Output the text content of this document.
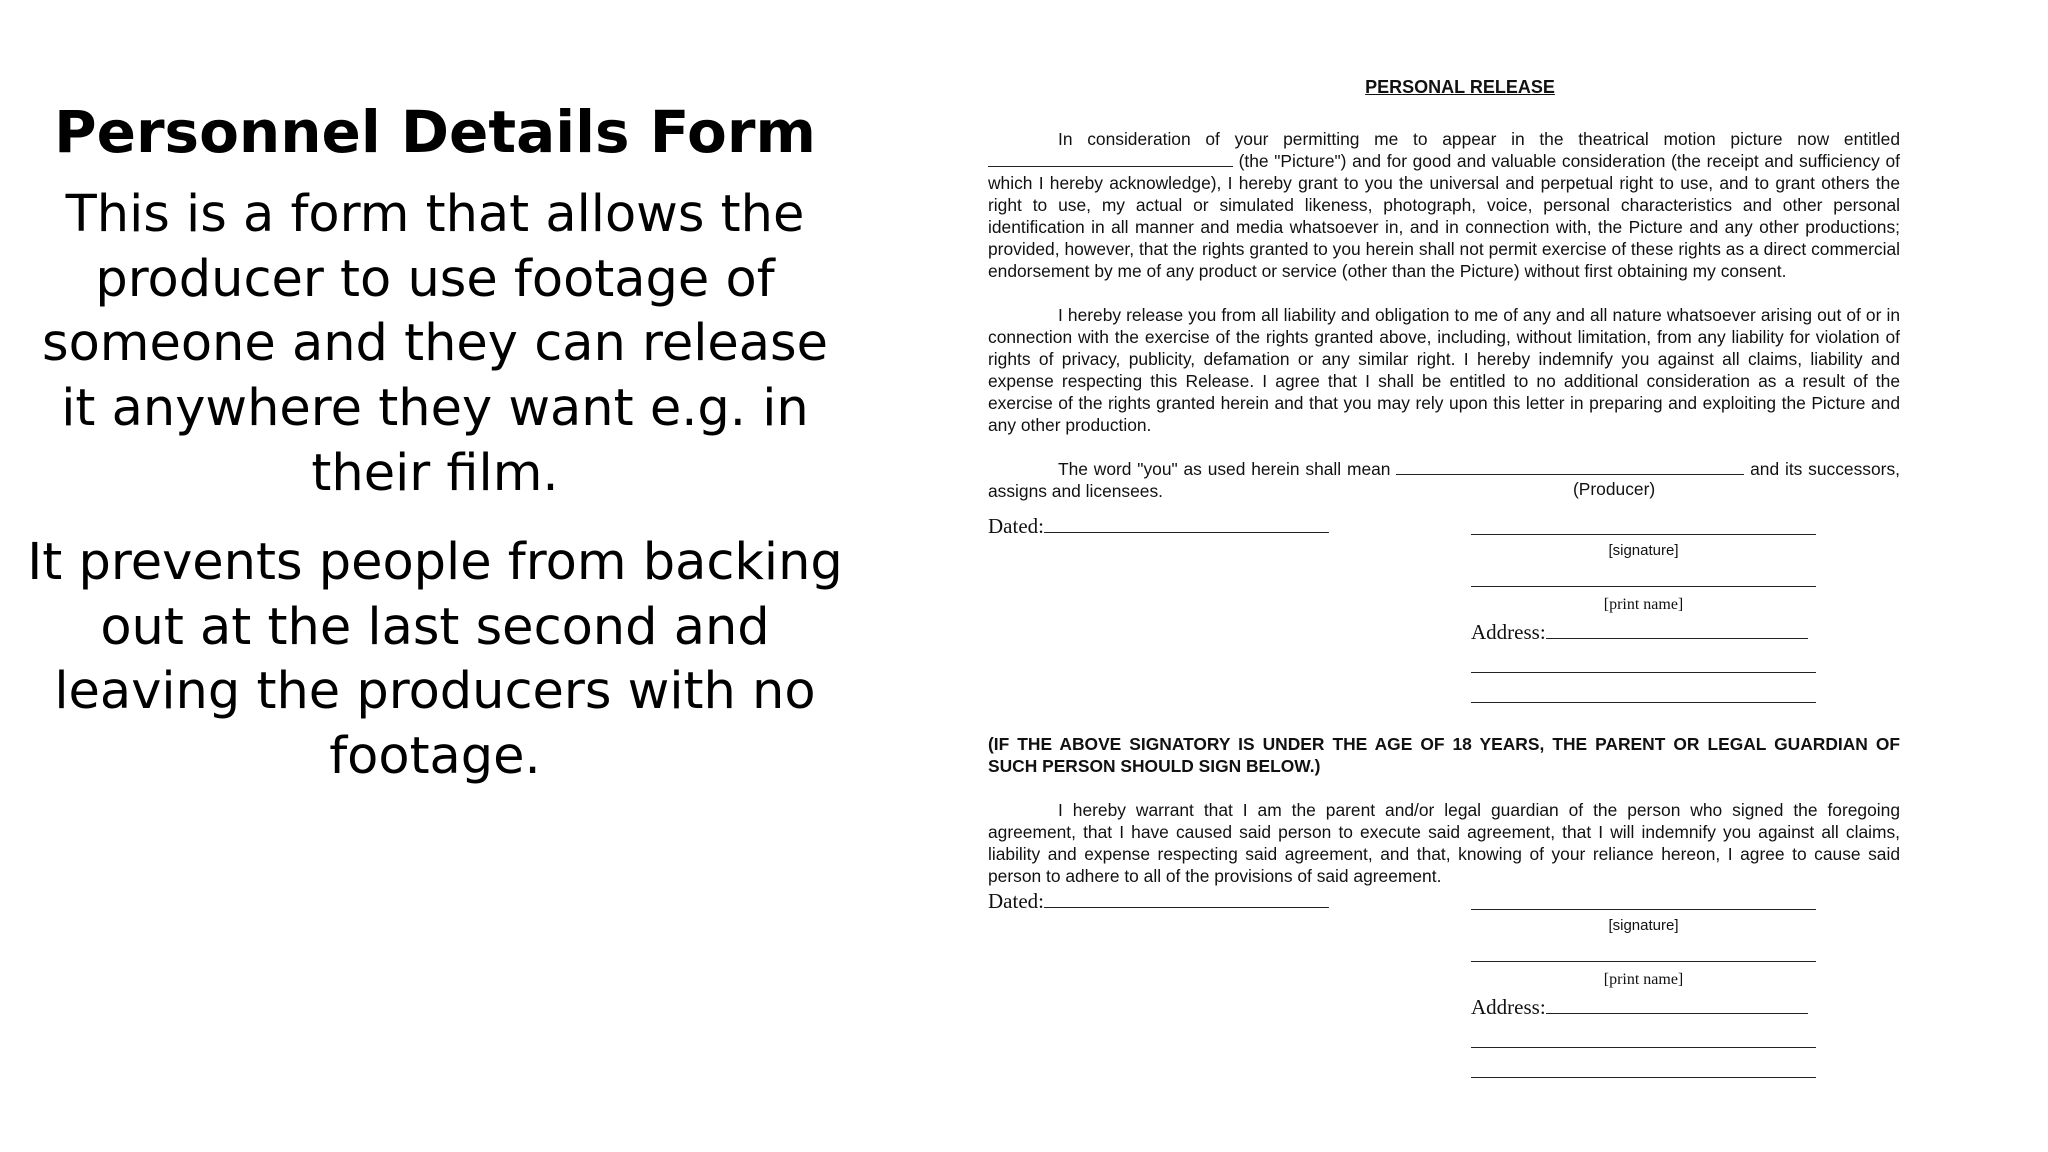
Personnel Details Form

This is a form that allows the producer to use footage of someone and they can release it anywhere they want e.g. in their film.

It prevents people from backing out at the last second and leaving the producers with no footage.

PERSONAL RELEASE

In consideration of your permitting me to appear in the theatrical motion picture now entitled  (the "Picture") and for good and valuable consideration (the receipt and sufficiency of which I hereby acknowledge), I hereby grant to you the universal and perpetual right to use, and to grant others the right to use, my actual or simulated likeness, photograph, voice, personal characteristics and other personal identification in all manner and media whatsoever in, and in connection with, the Picture and any other productions; provided, however, that the rights granted to you herein shall not permit exercise of these rights as a direct commercial endorsement by me of any product or service (other than the Picture) without first obtaining my consent.

I hereby release you from all liability and obligation to me of any and all nature whatsoever arising out of or in connection with the exercise of the rights granted above, including, without limitation, from any liability for violation of rights of privacy, publicity, defamation or any similar right. I hereby indemnify you against all claims, liability and expense respecting this Release. I agree that I shall be entitled to no additional consideration as a result of the exercise of the rights granted herein and that you may rely upon this letter in preparing and exploiting the Picture and any other production.

The word "you" as used herein shall mean	and its successors, assigns and licensees.	(Producer)
Dated:
[signature]
[print name]
Address:
(IF THE ABOVE SIGNATORY IS UNDER THE AGE OF 18 YEARS, THE PARENT OR LEGAL GUARDIAN OF SUCH PERSON SHOULD SIGN BELOW.)

I hereby warrant that I am the parent and/or legal guardian of the person who signed the foregoing agreement, that I have caused said person to execute said agreement, that I will indemnify you against all claims, liability and expense respecting said agreement, and that, knowing of your reliance hereon, I agree to cause said person to adhere to all of the provisions of said agreement.

Dated:
[signature]
[print name]
Address:
